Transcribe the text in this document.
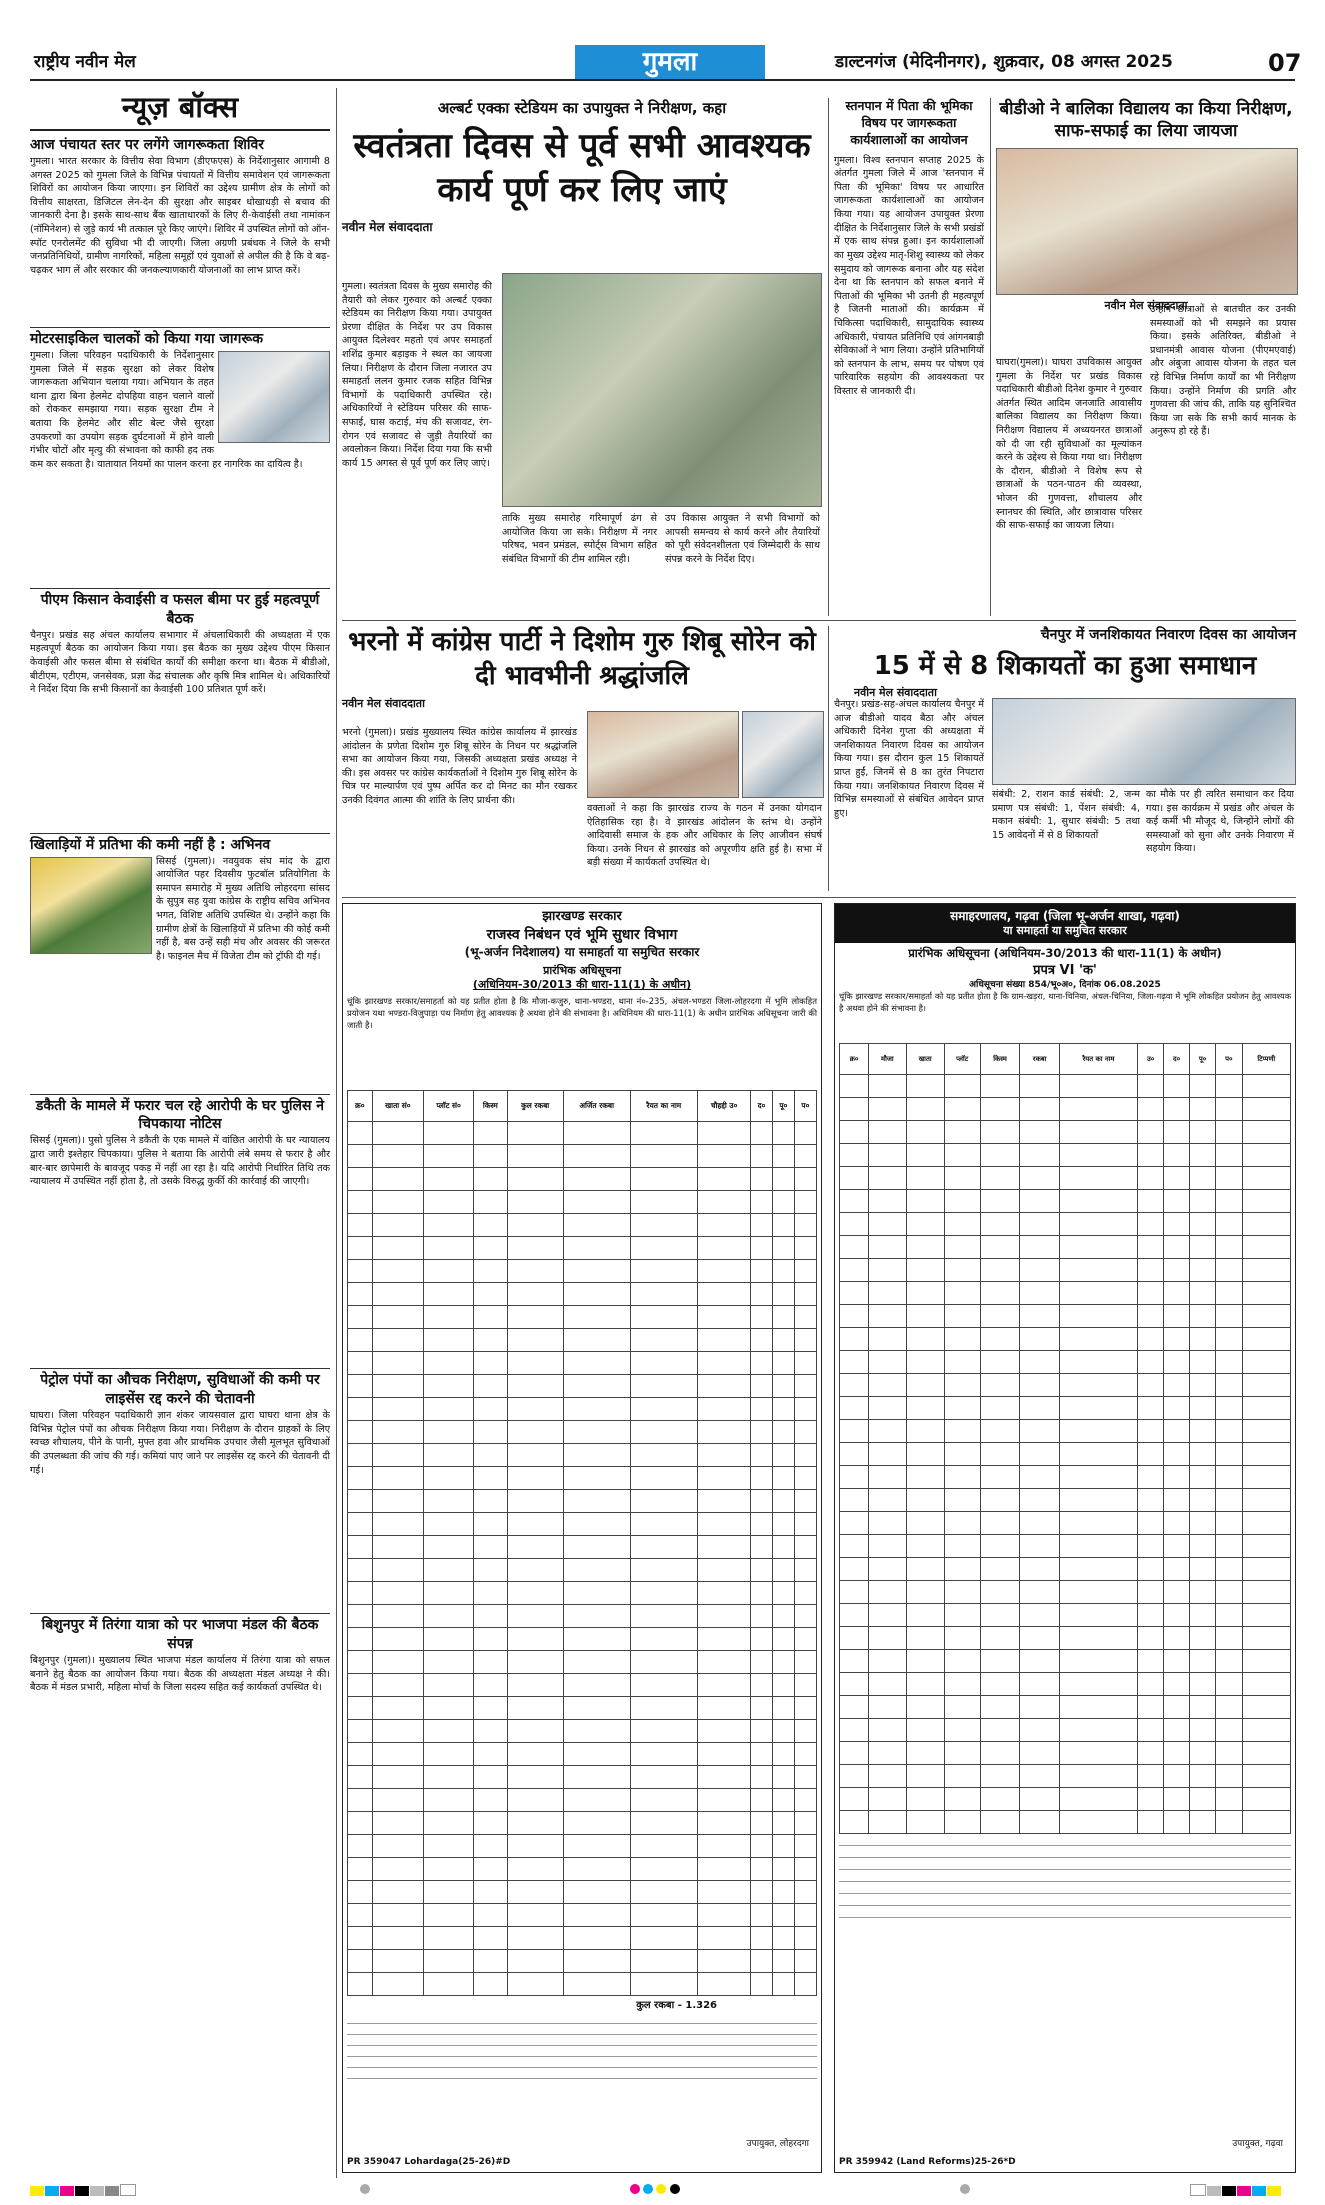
राष्ट्रीय नवीन मेल	गुमला	डाल्टनगंज (मेदिनीनगर), शुक्रवार, 08 अगस्त 2025	07
न्यूज़ बॉक्स
आज पंचायत स्तर पर लगेंगे जागरूकता शिविर

गुमला। भारत सरकार के वित्तीय सेवा विभाग (डीएफएस) के निर्देशानुसार आगामी 8 अगस्त 2025 को गुमला जिले के विभिन्न पंचायतों में वित्तीय समावेशन एवं जागरूकता शिविरों का आयोजन किया जाएगा। इन शिविरों का उद्देश्य ग्रामीण क्षेत्र के लोगों को वित्तीय साक्षरता, डिजिटल लेन-देन की सुरक्षा और साइबर धोखाधड़ी से बचाव की जानकारी देना है। इसके साथ-साथ बैंक खाताधारकों के लिए री-केवाईसी तथा नामांकन (नॉमिनेशन) से जुड़े कार्य भी तत्काल पूरे किए जाएंगे। शिविर में उपस्थित लोगों को ऑन-स्पॉट एनरोलमेंट की सुविधा भी दी जाएगी। जिला अग्रणी प्रबंधक ने जिले के सभी जनप्रतिनिधियों, ग्रामीण नागरिकों, महिला समूहों एवं युवाओं से अपील की है कि वे बढ़-चढ़कर भाग लें और सरकार की जनकल्याणकारी योजनाओं का लाभ प्राप्त करें।

मोटरसाइकिल चालकों को किया गया जागरूक

गुमला। जिला परिवहन पदाधिकारी के निर्देशानुसार गुमला जिले में सड़क सुरक्षा को लेकर विशेष जागरूकता अभियान चलाया गया। अभियान के तहत थाना द्वारा बिना हेलमेट दोपहिया वाहन चलाने वालों को रोककर समझाया गया। सड़क सुरक्षा टीम ने बताया कि हेलमेट और सीट बेल्ट जैसे सुरक्षा उपकरणों का उपयोग सड़क दुर्घटनाओं में होने वाली गंभीर चोटों और मृत्यु की संभावना को काफी हद तक कम कर सकता है। यातायात नियमों का पालन करना हर नागरिक का दायित्व है।

पीएम किसान केवाईसी व फसल बीमा पर हुई महत्वपूर्ण बैठक

चैनपुर। प्रखंड सह अंचल कार्यालय सभागार में अंचलाधिकारी की अध्यक्षता में एक महत्वपूर्ण बैठक का आयोजन किया गया। इस बैठक का मुख्य उद्देश्य पीएम किसान केवाईसी और फसल बीमा से संबंधित कार्यों की समीक्षा करना था। बैठक में बीडीओ, बीटीएम, एटीएम, जनसेवक, प्रज्ञा केंद्र संचालक और कृषि मित्र शामिल थे। अधिकारियों ने निर्देश दिया कि सभी किसानों का केवाईसी 100 प्रतिशत पूर्ण करें।

खिलाड़ियों में प्रतिभा की कमी नहीं है : अभिनव

सिसई (गुमला)। नवयुवक संघ मांद के द्वारा आयोजित पहर दिवसीय फुटबॉल प्रतियोगिता के समापन समारोह में मुख्य अतिथि लोहरदगा सांसद के सुपुत्र सह युवा कांग्रेस के राष्ट्रीय सचिव अभिनव भगत, विशिष्ट अतिथि उपस्थित थे। उन्होंने कहा कि ग्रामीण क्षेत्रों के खिलाड़ियों में प्रतिभा की कोई कमी नहीं है, बस उन्हें सही मंच और अवसर की जरूरत है। फाइनल मैच में विजेता टीम को ट्रॉफी दी गई।

डकैती के मामले में फरार चल रहे आरोपी के घर पुलिस ने चिपकाया नोटिस

सिसई (गुमला)। पुसो पुलिस ने डकैती के एक मामले में वांछित आरोपी के घर न्यायालय द्वारा जारी इश्तेहार चिपकाया। पुलिस ने बताया कि आरोपी लंबे समय से फरार है और बार-बार छापेमारी के बावजूद पकड़ में नहीं आ रहा है। यदि आरोपी निर्धारित तिथि तक न्यायालय में उपस्थित नहीं होता है, तो उसके विरुद्ध कुर्की की कार्रवाई की जाएगी।

पेट्रोल पंपों का औचक निरीक्षण, सुविधाओं की कमी पर लाइसेंस रद्द करने की चेतावनी

घाघरा। जिला परिवहन पदाधिकारी ज्ञान शंकर जायसवाल द्वारा घाघरा थाना क्षेत्र के विभिन्न पेट्रोल पंपों का औचक निरीक्षण किया गया। निरीक्षण के दौरान ग्राहकों के लिए स्वच्छ शौचालय, पीने के पानी, मुफ्त हवा और प्राथमिक उपचार जैसी मूलभूत सुविधाओं की उपलब्धता की जांच की गई। कमियां पाए जाने पर लाइसेंस रद्द करने की चेतावनी दी गई।

बिशुनपुर में तिरंगा यात्रा को पर भाजपा मंडल की बैठक संपन्न

बिशुनपुर (गुमला)। मुख्यालय स्थित भाजपा मंडल कार्यालय में तिरंगा यात्रा को सफल बनाने हेतु बैठक का आयोजन किया गया। बैठक की अध्यक्षता मंडल अध्यक्ष ने की। बैठक में मंडल प्रभारी, महिला मोर्चा के जिला सदस्य सहित कई कार्यकर्ता उपस्थित थे।

अल्बर्ट एक्का स्टेडियम का उपायुक्त ने निरीक्षण, कहा
स्वतंत्रता दिवस से पूर्व सभी आवश्यक कार्य पूर्ण कर लिए जाएं
नवीन मेल संवाददाता

गुमला। स्वतंत्रता दिवस के मुख्य समारोह की तैयारी को लेकर गुरुवार को अल्बर्ट एक्का स्टेडियम का निरीक्षण किया गया। उपायुक्त प्रेरणा दीक्षित के निर्देश पर उप विकास आयुक्त दिलेश्वर महतो एवं अपर समाहर्ता शशिंद्र कुमार बड़ाइक ने स्थल का जायजा लिया। निरीक्षण के दौरान जिला नजारत उप समाहर्ता ललन कुमार रजक सहित विभिन्न विभागों के पदाधिकारी उपस्थित रहे। अधिकारियों ने स्टेडियम परिसर की साफ-सफाई, घास कटाई, मंच की सजावट, रंग-रोगन एवं सजावट से जुड़ी तैयारियों का अवलोकन किया। निर्देश दिया गया कि सभी कार्य 15 अगस्त से पूर्व पूर्ण कर लिए जाएं।

ताकि मुख्य समारोह गरिमापूर्ण ढंग से आयोजित किया जा सके। निरीक्षण में नगर परिषद, भवन प्रमंडल, स्पोर्ट्स विभाग सहित संबंधित विभागों की टीम शामिल रही।

उप विकास आयुक्त ने सभी विभागों को आपसी समन्वय से कार्य करने और तैयारियों को पूरी संवेदनशीलता एवं जिम्मेदारी के साथ संपन्न करने के निर्देश दिए।

स्तनपान में पिता की भूमिका विषय पर जागरूकता कार्यशालाओं का आयोजन

गुमला। विश्व स्तनपान सप्ताह 2025 के अंतर्गत गुमला जिले में आज 'स्तनपान में पिता की भूमिका' विषय पर आधारित जागरूकता कार्यशालाओं का आयोजन किया गया। यह आयोजन उपायुक्त प्रेरणा दीक्षित के निर्देशानुसार जिले के सभी प्रखंडों में एक साथ संपन्न हुआ। इन कार्यशालाओं का मुख्य उद्देश्य मातृ-शिशु स्वास्थ्य को लेकर समुदाय को जागरूक बनाना और यह संदेश देना था कि स्तनपान को सफल बनाने में पिताओं की भूमिका भी उतनी ही महत्वपूर्ण है जितनी माताओं की। कार्यक्रम में चिकित्सा पदाधिकारी, सामुदायिक स्वास्थ्य अधिकारी, पंचायत प्रतिनिधि एवं आंगनबाड़ी सेविकाओं ने भाग लिया। उन्होंने प्रतिभागियों को स्तनपान के लाभ, समय पर पोषण एवं पारिवारिक सहयोग की आवश्यकता पर विस्तार से जानकारी दी।

बीडीओ ने बालिका विद्यालय का किया निरीक्षण, साफ-सफाई का लिया जायजा
नवीन मेल संवाददाता

घाघरा(गुमला)। घाघरा उपविकास आयुक्त गुमला के निर्देश पर प्रखंड विकास पदाधिकारी बीडीओ दिनेश कुमार ने गुरुवार अंतर्गत स्थित आदिम जनजाति आवासीय बालिका विद्यालय का निरीक्षण किया। निरीक्षण विद्यालय में अध्ययनरत छात्राओं को दी जा रही सुविधाओं का मूल्यांकन करने के उद्देश्य से किया गया था। निरीक्षण के दौरान, बीडीओ ने विशेष रूप से छात्राओं के पठन-पाठन की व्यवस्था, भोजन की गुणवत्ता, शौचालय और स्नानघर की स्थिति, और छात्रावास परिसर की साफ-सफाई का जायजा लिया।

उन्होंने छात्राओं से बातचीत कर उनकी समस्याओं को भी समझने का प्रयास किया। इसके अतिरिक्त, बीडीओ ने प्रधानमंत्री आवास योजना (पीएमएवाई) और अंबुजा आवास योजना के तहत चल रहे विभिन्न निर्माण कार्यों का भी निरीक्षण किया। उन्होंने निर्माण की प्रगति और गुणवत्ता की जांच की, ताकि यह सुनिश्चित किया जा सके कि सभी कार्य मानक के अनुरूप हो रहे हैं।

भरनो में कांग्रेस पार्टी ने दिशोम गुरु शिबू सोरेन को दी भावभीनी श्रद्धांजलि
नवीन मेल संवाददाता

भरनो (गुमला)। प्रखंड मुख्यालय स्थित कांग्रेस कार्यालय में झारखंड आंदोलन के प्रणेता दिशोम गुरु शिबू सोरेन के निधन पर श्रद्धांजलि सभा का आयोजन किया गया, जिसकी अध्यक्षता प्रखंड अध्यक्ष ने की। इस अवसर पर कांग्रेस कार्यकर्ताओं ने दिशोम गुरु शिबू सोरेन के चित्र पर माल्यार्पण एवं पुष्प अर्पित कर दो मिनट का मौन रखकर उनकी दिवंगत आत्मा की शांति के लिए प्रार्थना की।

वक्ताओं ने कहा कि झारखंड राज्य के गठन में उनका योगदान ऐतिहासिक रहा है। वे झारखंड आंदोलन के स्तंभ थे। उन्होंने आदिवासी समाज के हक और अधिकार के लिए आजीवन संघर्ष किया। उनके निधन से झारखंड को अपूरणीय क्षति हुई है। सभा में बड़ी संख्या में कार्यकर्ता उपस्थित थे।

चैनपुर में जनशिकायत निवारण दिवस का आयोजन
15 में से 8 शिकायतों का हुआ समाधान
नवीन मेल संवाददाता

चैनपुर। प्रखंड-सह-अंचल कार्यालय चैनपुर में आज बीडीओ यादव बैठा और अंचल अधिकारी दिनेश गुप्ता की अध्यक्षता में जनशिकायत निवारण दिवस का आयोजन किया गया। इस दौरान कुल 15 शिकायतें प्राप्त हुईं, जिनमें से 8 का तुरंत निपटारा किया गया। जनशिकायत निवारण दिवस में विभिन्न समस्याओं से संबंधित आवेदन प्राप्त हुए।

संबंधी: 2, राशन कार्ड संबंधी: 2, जन्म प्रमाण पत्र संबंधी: 1, पेंशन संबंधी: 4, मकान संबंधी: 1, सुधार संबंधी: 5 तथा 15 आवेदनों में से 8 शिकायतों

का मौके पर ही त्वरित समाधान कर दिया गया। इस कार्यक्रम में प्रखंड और अंचल के कई कर्मी भी मौजूद थे, जिन्होंने लोगों की समस्याओं को सुना और उनके निवारण में सहयोग किया।

झारखण्ड सरकार
राजस्व निबंधन एवं भूमि सुधार विभाग
(भू-अर्जन निदेशालय) या समाहर्ता या समुचित सरकार
प्रारंभिक अधिसूचना
(अधिनियम-30/2013 की धारा-11(1) के अधीन)

चूंकि झारखण्ड सरकार/समाहर्ता को यह प्रतीत होता है कि मौजा-कजुरु, थाना-भण्डरा, थाना नं०-235, अंचल-भण्डरा जिला-लोहरदगा में भूमि लोकहित प्रयोजन यथा भण्डरा-विजुपाड़ा पथ निर्माण हेतु आवश्यक है अथवा होने की संभावना है। अधिनियम की धारा-11(1) के अधीन प्रारंभिक अधिसूचना जारी की जाती है।

क्र०	खाता सं०	प्लॉट सं०	किस्म	कुल रकबा	अर्जित रकबा	रैयत का नाम	चौहद्दी उ०	द०	पू०	प०

कुल रकबा - 1.326
उपायुक्त, लोहरदगा
PR 359047 Lohardaga(25-26)#D
समाहरणालय, गढ़वा (जिला भू-अर्जन शाखा, गढ़वा)
या समाहर्ता या समुचित सरकार
प्रारंभिक अधिसूचना (अधिनियम-30/2013 की धारा-11(1) के अधीन)
प्रपत्र VI 'क'
अधिसूचना संख्या 854/भू०अ०, दिनांक 06.08.2025

चूंकि झारखण्ड सरकार/समाहर्ता को यह प्रतीत होता है कि ग्राम-खड़रा, थाना-चिनिया, अंचल-चिनिया, जिला-गढ़वा में भूमि लोकहित प्रयोजन हेतु आवश्यक है अथवा होने की संभावना है।

क्र०	मौजा	खाता	प्लॉट	किस्म	रकबा	रैयत का नाम	उ०	द०	पू०	प०	टिप्पणी

उपायुक्त, गढ़वा
PR 359942 (Land Reforms)25-26*D
